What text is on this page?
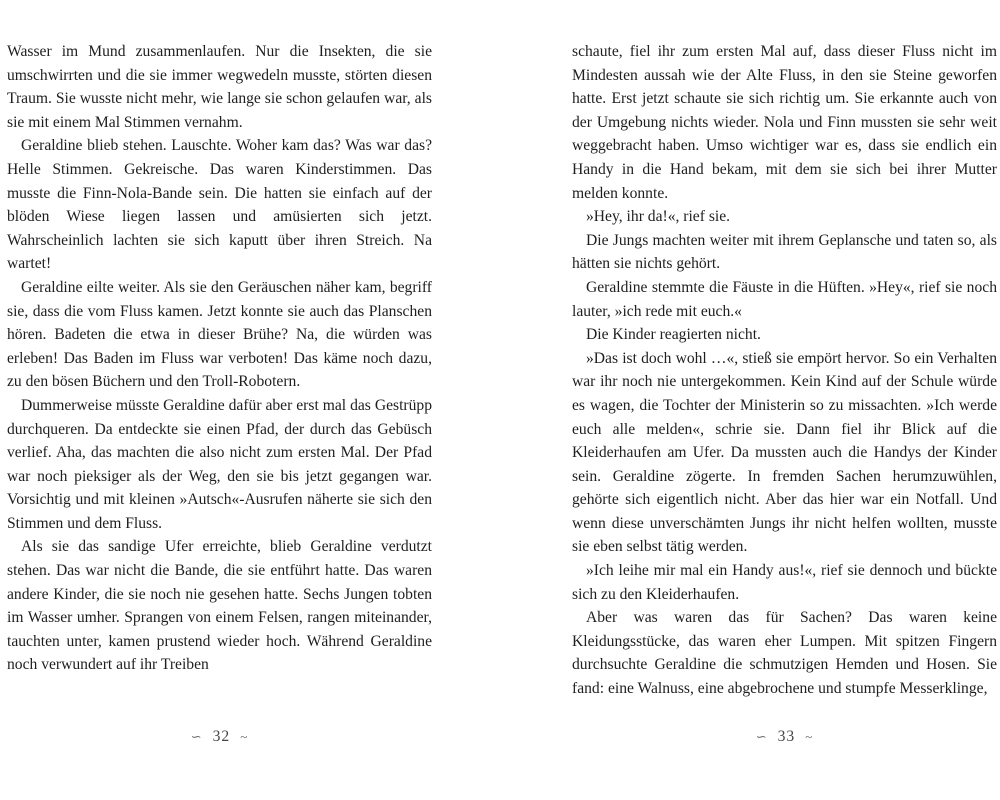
Wasser im Mund zusammenlaufen. Nur die Insekten, die sie umschwirrten und die sie immer wegwedeln musste, störten diesen Traum. Sie wusste nicht mehr, wie lange sie schon gelaufen war, als sie mit einem Mal Stimmen vernahm.

Geraldine blieb stehen. Lauschte. Woher kam das? Was war das? Helle Stimmen. Gekreische. Das waren Kinderstimmen. Das musste die Finn-Nola-Bande sein. Die hatten sie einfach auf der blöden Wiese liegen lassen und amüsierten sich jetzt. Wahrscheinlich lachten sie sich kaputt über ihren Streich. Na wartet!

Geraldine eilte weiter. Als sie den Geräuschen näher kam, begriff sie, dass die vom Fluss kamen. Jetzt konnte sie auch das Planschen hören. Badeten die etwa in dieser Brühe? Na, die würden was erleben! Das Baden im Fluss war verboten! Das käme noch dazu, zu den bösen Büchern und den Troll-Robotern.

Dummerweise müsste Geraldine dafür aber erst mal das Gestrüpp durchqueren. Da entdeckte sie einen Pfad, der durch das Gebüsch verlief. Aha, das machten die also nicht zum ersten Mal. Der Pfad war noch pieksiger als der Weg, den sie bis jetzt gegangen war. Vorsichtig und mit kleinen »Autsch«-Ausrufen näherte sie sich den Stimmen und dem Fluss.

Als sie das sandige Ufer erreichte, blieb Geraldine verdutzt stehen. Das war nicht die Bande, die sie entführt hatte. Das waren andere Kinder, die sie noch nie gesehen hatte. Sechs Jungen tobten im Wasser umher. Sprangen von einem Felsen, rangen miteinander, tauchten unter, kamen prustend wieder hoch. Während Geraldine noch verwundert auf ihr Treiben

schaute, fiel ihr zum ersten Mal auf, dass dieser Fluss nicht im Mindesten aussah wie der Alte Fluss, in den sie Steine geworfen hatte. Erst jetzt schaute sie sich richtig um. Sie erkannte auch von der Umgebung nichts wieder. Nola und Finn mussten sie sehr weit weggebracht haben. Umso wichtiger war es, dass sie endlich ein Handy in die Hand bekam, mit dem sie sich bei ihrer Mutter melden konnte.

»Hey, ihr da!«, rief sie.

Die Jungs machten weiter mit ihrem Geplansche und taten so, als hätten sie nichts gehört.

Geraldine stemmte die Fäuste in die Hüften. »Hey«, rief sie noch lauter, »ich rede mit euch.«

Die Kinder reagierten nicht.

»Das ist doch wohl …«, stieß sie empört hervor. So ein Verhalten war ihr noch nie untergekommen. Kein Kind auf der Schule würde es wagen, die Tochter der Ministerin so zu missachten. »Ich werde euch alle melden«, schrie sie. Dann fiel ihr Blick auf die Kleiderhaufen am Ufer. Da mussten auch die Handys der Kinder sein. Geraldine zögerte. In fremden Sachen herumzuwühlen, gehörte sich eigentlich nicht. Aber das hier war ein Notfall. Und wenn diese unverschämten Jungs ihr nicht helfen wollten, musste sie eben selbst tätig werden.

»Ich leihe mir mal ein Handy aus!«, rief sie dennoch und bückte sich zu den Kleiderhaufen.

Aber was waren das für Sachen? Das waren keine Kleidungsstücke, das waren eher Lumpen. Mit spitzen Fingern durchsuchte Geraldine die schmutzigen Hemden und Hosen. Sie fand: eine Walnuss, eine abgebrochene und stumpfe Messerklinge,

∽ 32 ~	∽ 33 ~
